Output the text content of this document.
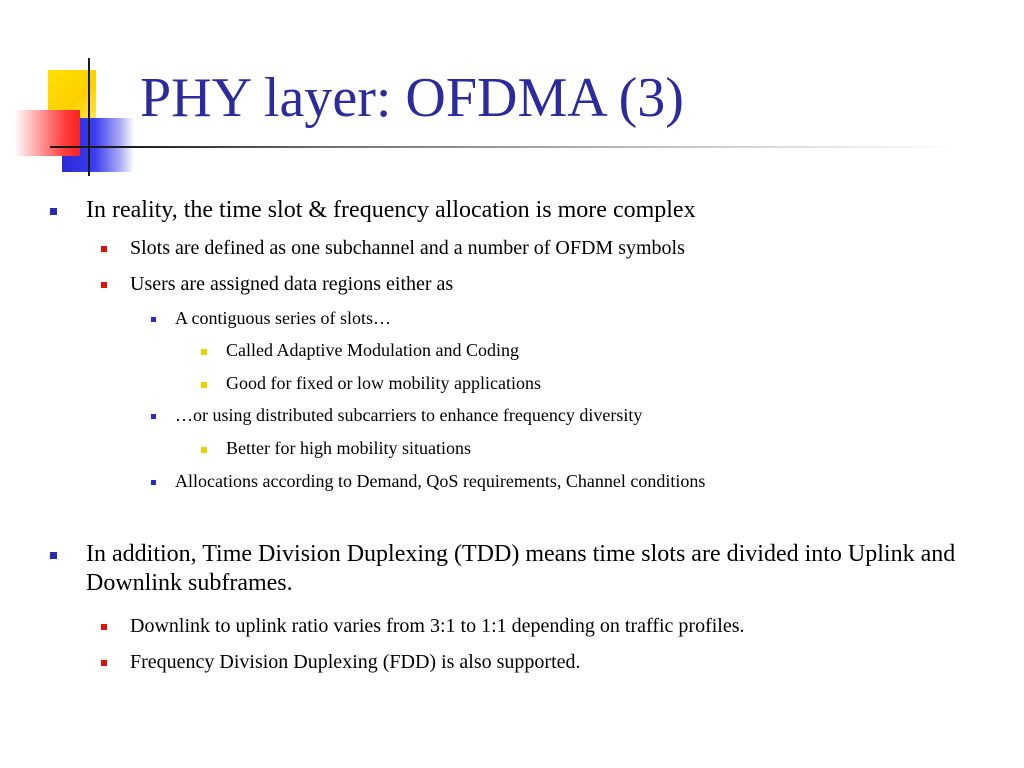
PHY layer: OFDMA (3)
In reality, the time slot & frequency allocation is more complex
Slots are defined as one subchannel and a number of OFDM symbols
Users are assigned data regions either as
A contiguous series of slots…
Called Adaptive Modulation and Coding
Good for fixed or low mobility applications
…or using distributed subcarriers to enhance frequency diversity
Better for high mobility situations
Allocations according to Demand, QoS requirements, Channel conditions
In addition, Time Division Duplexing (TDD) means time slots are divided into Uplink and Downlink subframes.
Downlink to uplink ratio varies from 3:1 to 1:1 depending on traffic profiles.
Frequency Division Duplexing (FDD) is also supported.
